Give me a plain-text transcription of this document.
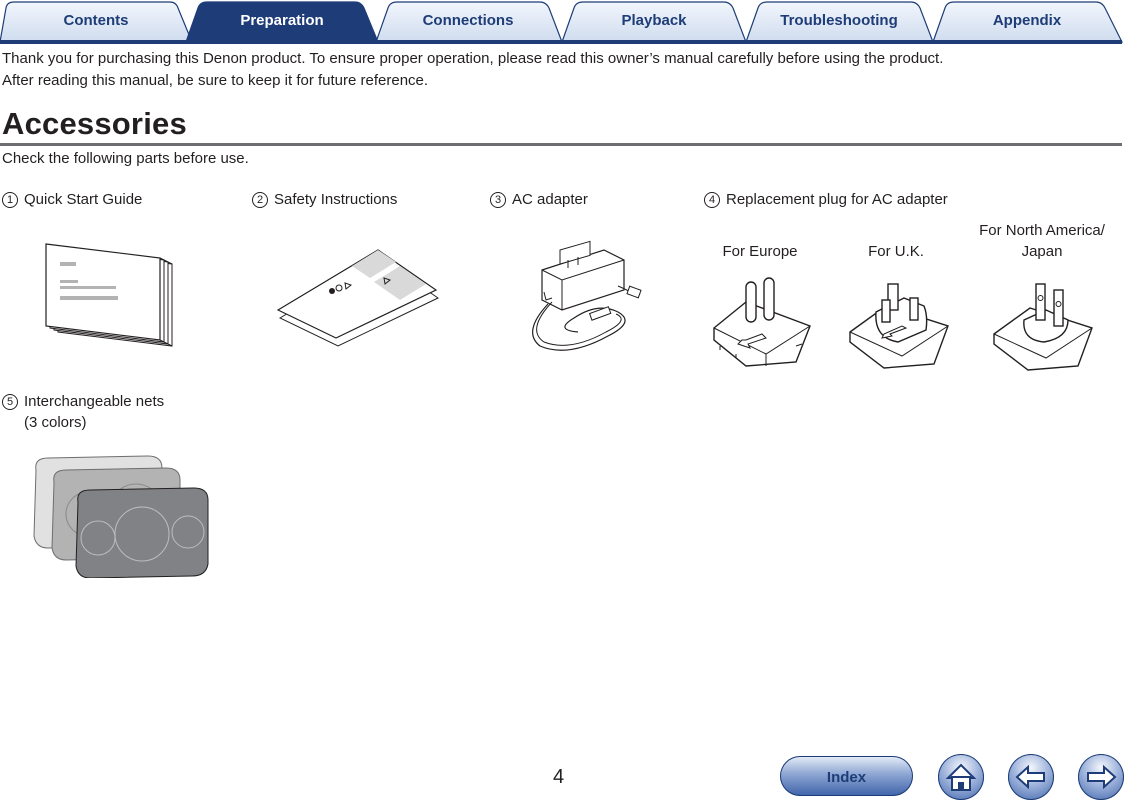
Contents	Preparation	Connections	Playback	Troubleshooting	Appendix

Thank you for purchasing this Denon product. To ensure proper operation, please read this owner’s manual carefully before using the product.

After reading this manual, be sure to keep it for future reference.

Accessories
Check the following parts before use.
1 Quick Start Guide	2 Safety Instructions	3 AC adapter	4 Replacement plug for AC adapter
5 Interchangeable nets
(3 colors)
For Europe	For U.K.
For North America/
Japan
4	Index
